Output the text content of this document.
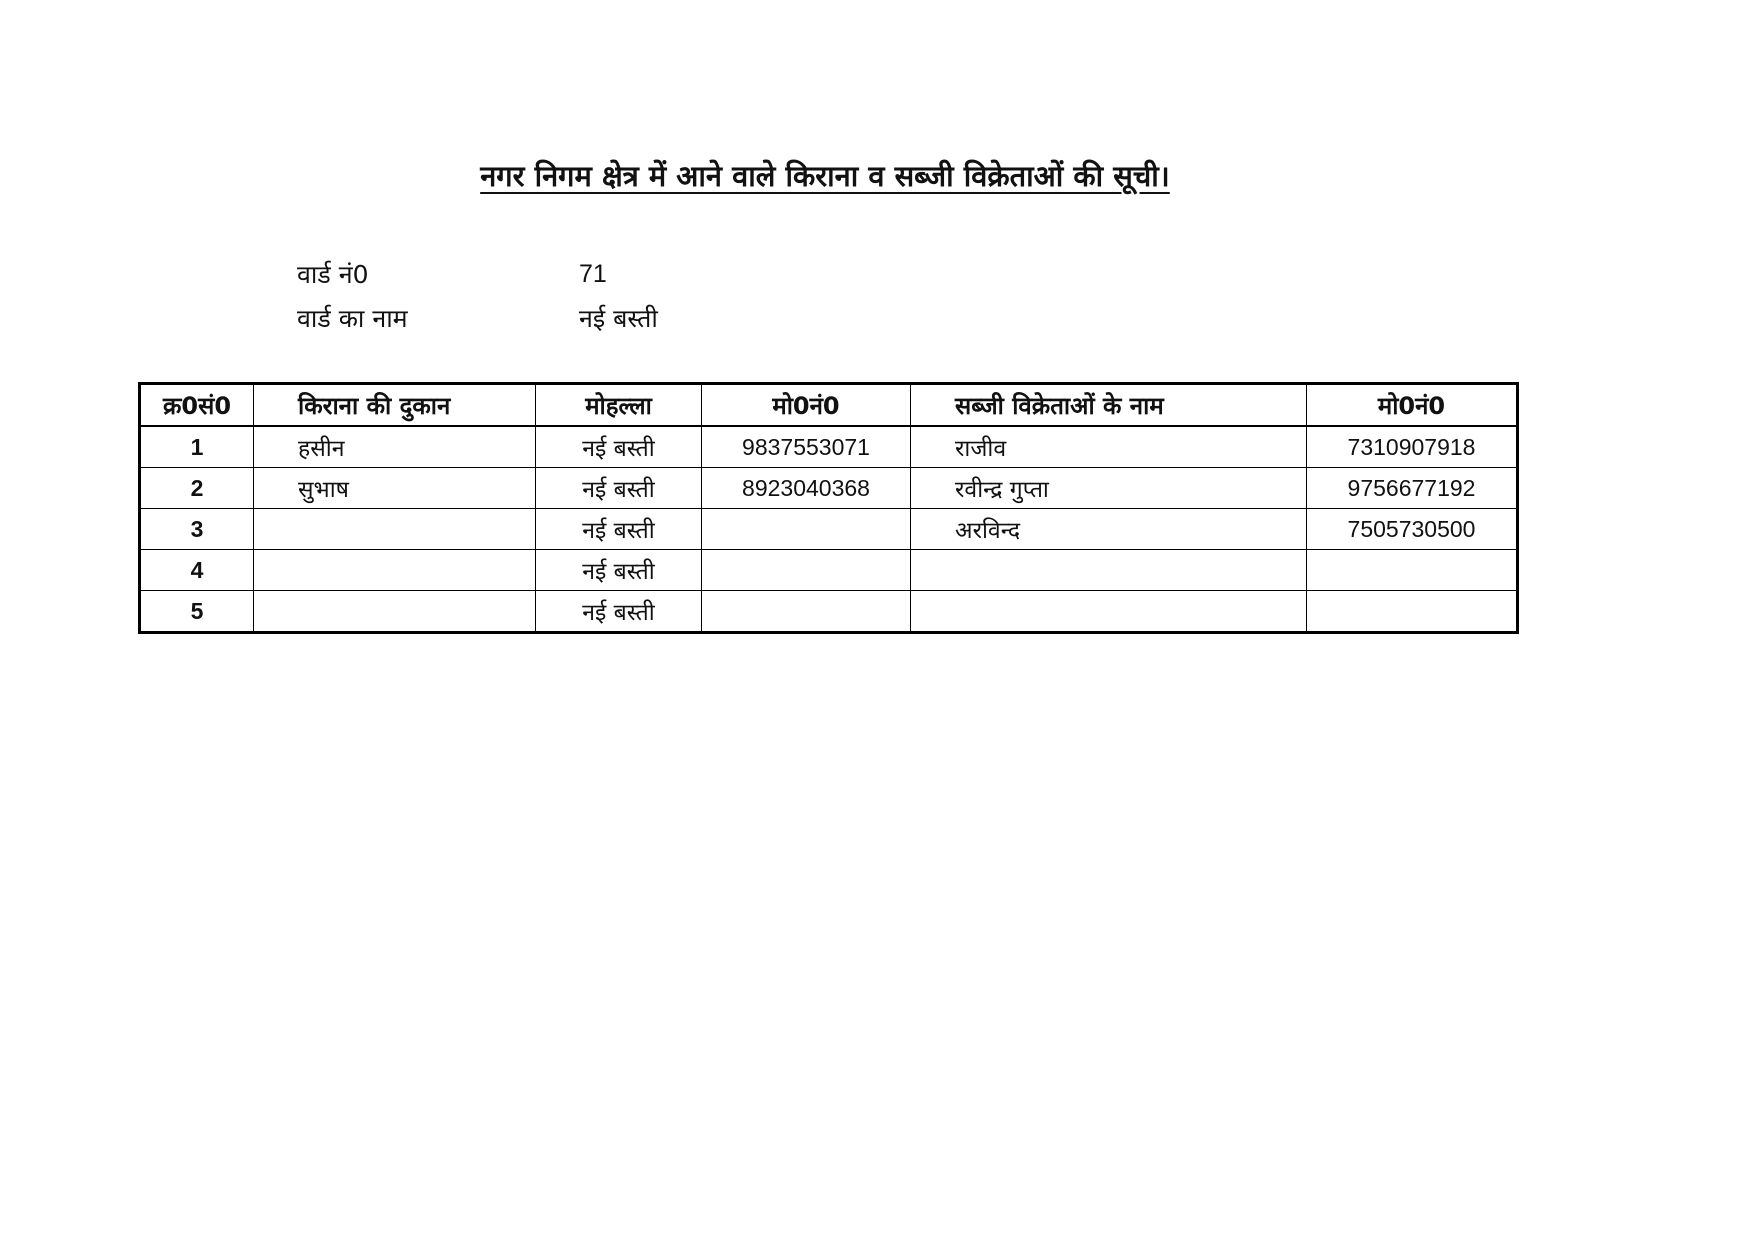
नगर निगम क्षेत्र में आने वाले किराना व सब्जी विक्रेताओं की सूची।
वार्ड नं0	71
वार्ड का नाम	नई बस्ती
क्र0सं0	किराना की दुकान	मोहल्ला	मो0नं0	सब्जी विक्रेताओं के नाम	मो0नं0
1	हसीन	नई बस्ती	9837553071	राजीव	7310907918
2	सुभाष	नई बस्ती	8923040368	रवीन्द्र गुप्ता	9756677192
3		नई बस्ती		अरविन्द	7505730500
4		नई बस्ती			
5		नई बस्ती			
